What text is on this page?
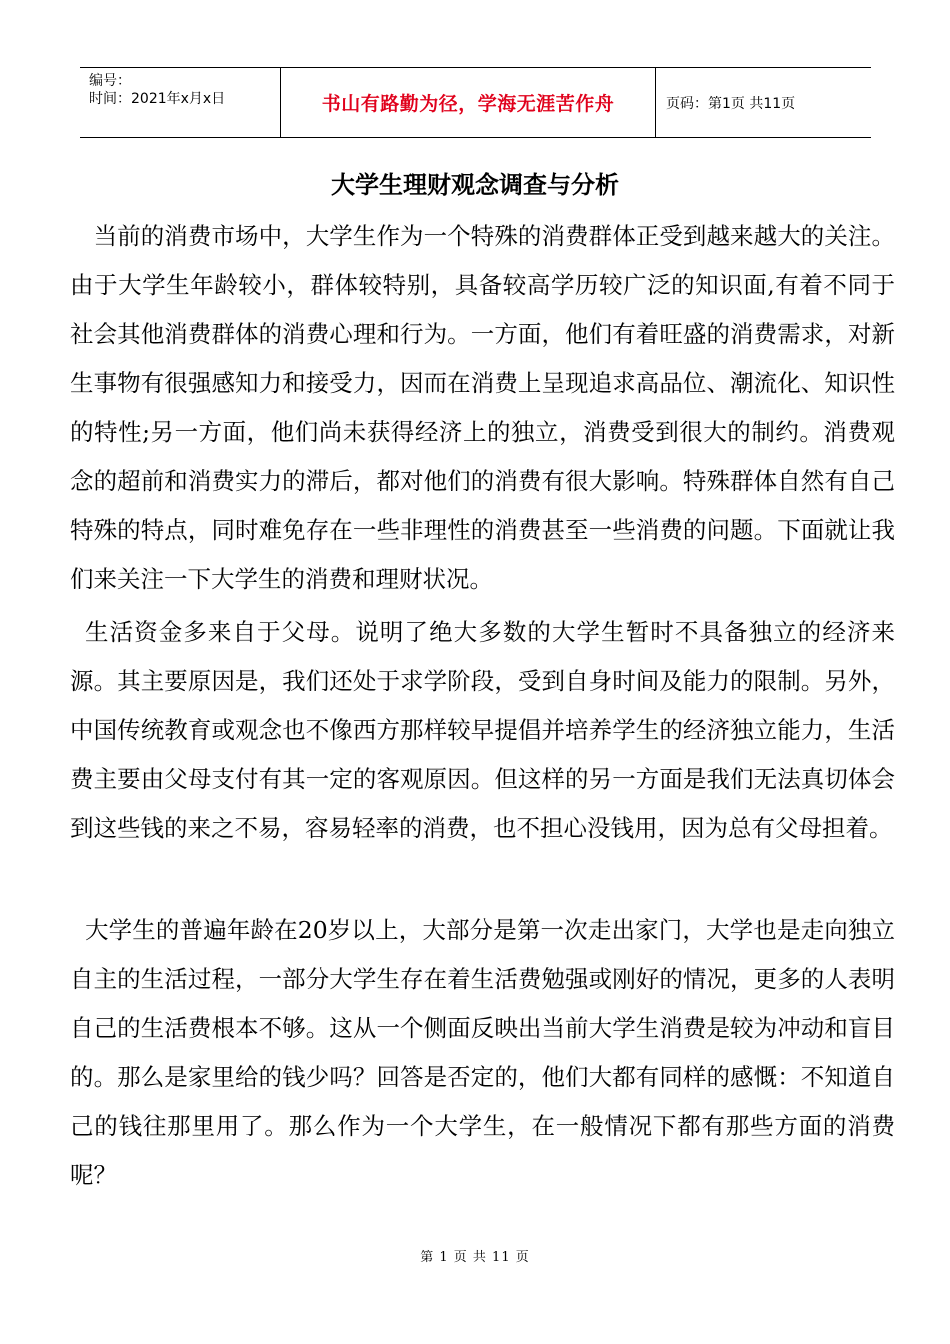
编号：
时间：2021年x月x日	书山有路勤为径，学海无涯苦作舟	页码：第1页 共11页
大学生理财观念调查与分析
　当前的消费市场中，大学生作为一个特殊的消费群体正受到越来越大的关注。由于大学生年龄较小，群体较特别，具备较高学历较广泛的知识面,有着不同于社会其他消费群体的消费心理和行为。一方面，他们有着旺盛的消费需求，对新生事物有很强感知力和接受力，因而在消费上呈现追求高品位、潮流化、知识性的特性;另一方面，他们尚未获得经济上的独立，消费受到很大的制约。消费观念的超前和消费实力的滞后，都对他们的消费有很大影响。特殊群体自然有自己特殊的特点，同时难免存在一些非理性的消费甚至一些消费的问题。下面就让我们来关注一下大学生的消费和理财状况。
生活资金多来自于父母。说明了绝大多数的大学生暂时不具备独立的经济来源。其主要原因是，我们还处于求学阶段，受到自身时间及能力的限制。另外，中国传统教育或观念也不像西方那样较早提倡并培养学生的经济独立能力，生活费主要由父母支付有其一定的客观原因。但这样的另一方面是我们无法真切体会到这些钱的来之不易，容易轻率的消费，也不担心没钱用，因为总有父母担着。
大学生的普遍年龄在20岁以上，大部分是第一次走出家门，大学也是走向独立自主的生活过程，一部分大学生存在着生活费勉强或刚好的情况，更多的人表明自己的生活费根本不够。这从一个侧面反映出当前大学生消费是较为冲动和盲目的。那么是家里给的钱少吗？回答是否定的，他们大都有同样的感慨：不知道自己的钱往那里用了。那么作为一个大学生，在一般情况下都有那些方面的消费呢？
第 1 页 共 11 页
